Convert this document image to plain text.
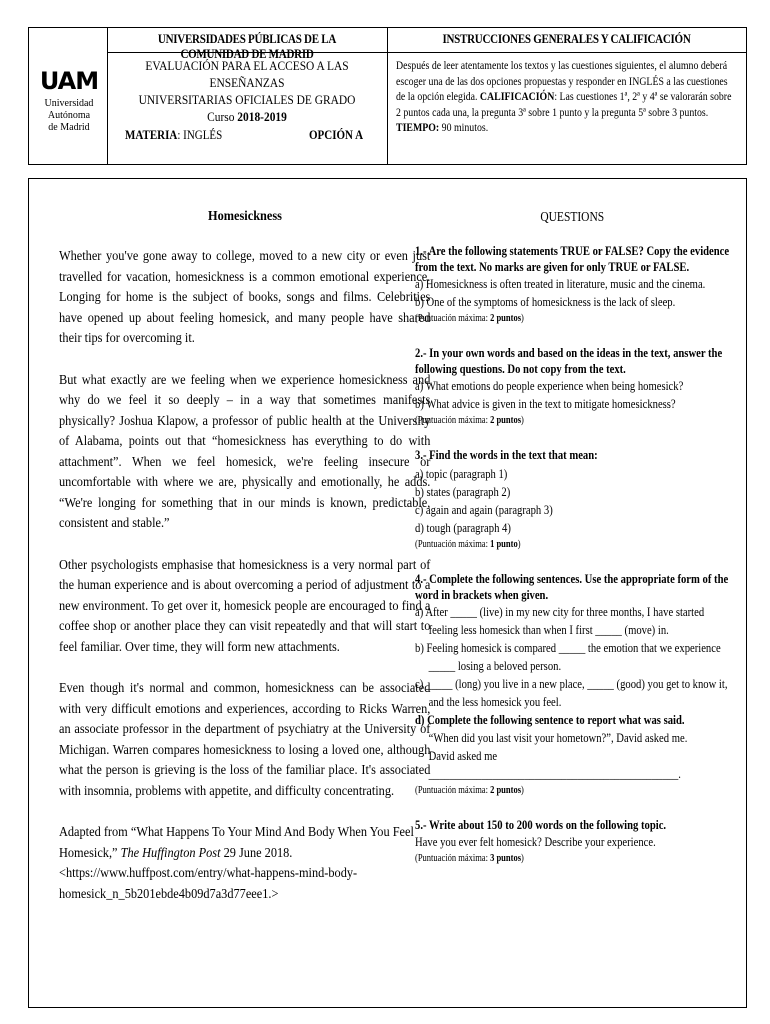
UAM
Universidad Autónoma
de Madrid
UNIVERSIDADES PÚBLICAS DE LA COMUNIDAD DE MADRID
EVALUACIÓN PARA EL ACCESO A LAS ENSEÑANZAS
UNIVERSITARIAS OFICIALES DE GRADO
Curso 2018-2019
MATERIA: INGLÉS	OPCIÓN A
INSTRUCCIONES GENERALES Y CALIFICACIÓN
Después de leer atentamente los textos y las cuestiones siguientes, el alumno deberá escoger una de las dos opciones propuestas y responder en INGLÉS a las cuestiones de la opción elegida. CALIFICACIÓN: Las cuestiones 1ª, 2ª y 4ª se valorarán sobre 2 puntos cada una, la pregunta 3ª sobre 1 punto y la pregunta 5ª sobre 3 puntos. TIEMPO: 90 minutos.
Homesickness

Whether you've gone away to college, moved to a new city or even just travelled for vacation, homesickness is a common emotional experience. Longing for home is the subject of books, songs and films. Celebrities have opened up about feeling homesick, and many people have shared their tips for overcoming it.

But what exactly are we feeling when we experience homesickness and why do we feel it so deeply – in a way that sometimes manifests physically? Joshua Klapow, a professor of public health at the University of Alabama, points out that “homesickness has everything to do with attachment”. When we feel homesick, we're feeling insecure or uncomfortable with where we are, physically and emotionally, he adds. “We're longing for something that in our minds is known, predictable, consistent and stable.”

Other psychologists emphasise that homesickness is a very normal part of the human experience and is about overcoming a period of adjustment to a new environment. To get over it, homesick people are encouraged to find a coffee shop or another place they can visit repeatedly and that will start to feel familiar. Over time, they will form new attachments.

Even though it's normal and common, homesickness can be associated with very difficult emotions and experiences, according to Ricks Warren, an associate professor in the department of psychiatry at the University of Michigan. Warren compares homesickness to losing a loved one, although what the person is grieving is the loss of the familiar place. It's associated with insomnia, problems with appetite, and difficulty concentrating.

Adapted from “What Happens To Your Mind And Body When You Feel Homesick,” The Huffington Post 29 June 2018.
<https://www.huffpost.com/entry/what-happens-mind-body-homesick_n_5b201ebde4b09d7a3d77eee1.>

QUESTIONS
1.- Are the following statements TRUE or FALSE? Copy the evidence from the text. No marks are given for only TRUE or FALSE.
a) Homesickness is often treated in literature, music and the cinema.
b) One of the symptoms of homesickness is the lack of sleep.
(Puntuación máxima: 2 puntos)
2.- In your own words and based on the ideas in the text, answer the following questions. Do not copy from the text.
a) What emotions do people experience when being homesick?
b) What advice is given in the text to mitigate homesickness?
(Puntuación máxima: 2 puntos)
3.- Find the words in the text that mean:
a) topic (paragraph 1)
b) states (paragraph 2)
c) again and again (paragraph 3)
d) tough (paragraph 4)
(Puntuación máxima: 1 punto)
4.- Complete the following sentences. Use the appropriate form of the word in brackets when given.
a) After _____ (live) in my new city for three months, I have started feeling less homesick than when I first _____ (move) in.
b) Feeling homesick is compared _____ the emotion that we experience _____ losing a beloved person.
c) _____ (long) you live in a new place, _____ (good) you get to know it, and the less homesick you feel.
d) Complete the following sentence to report what was said.
“When did you last visit your hometown?”, David asked me.
David asked me _______________________________________________.
(Puntuación máxima: 2 puntos)
5.- Write about 150 to 200 words on the following topic.
Have you ever felt homesick? Describe your experience.
(Puntuación máxima: 3 puntos)
